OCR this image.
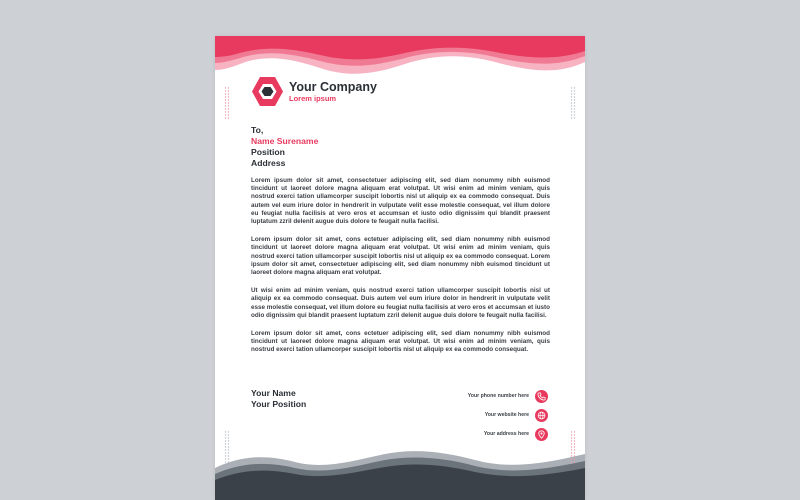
Your Company
Lorem ipsum
To,
Name Surename
Position
Address

Lorem ipsum dolor sit amet, consectetuer adipiscing elit, sed diam nonummy nibh euismod tincidunt ut laoreet dolore magna aliquam erat volutpat. Ut wisi enim ad minim veniam, quis nostrud exerci tation ullamcorper suscipit lobortis nisl ut aliquip ex ea commodo consequat. Duis autem vel eum iriure dolor in hendrerit in vulputate velit esse molestie consequat, vel illum dolore eu feugiat nulla facilisis at vero eros et accumsan et iusto odio dignissim qui blandit praesent luptatum zzril delenit augue duis dolore te feugait nulla facilisi.

Lorem ipsum dolor sit amet, cons ectetuer adipiscing elit, sed diam nonummy nibh euismod tincidunt ut laoreet dolore magna aliquam erat volutpat. Ut wisi enim ad minim veniam, quis nostrud exerci tation ullamcorper suscipit lobortis nisl ut aliquip ex ea commodo consequat. Lorem ipsum dolor sit amet, consectetuer adipiscing elit, sed diam nonummy nibh euismod tincidunt ut laoreet dolore magna aliquam erat volutpat.

Ut wisi enim ad minim veniam, quis nostrud exerci tation ullamcorper suscipit lobortis nisl ut aliquip ex ea commodo consequat. Duis autem vel eum iriure dolor in hendrerit in vulputate velit esse molestie consequat, vel illum dolore eu feugiat nulla facilisis at vero eros et accumsan et iusto odio dignissim qui blandit praesent luptatum zzril delenit augue duis dolore te feugait nulla facilisi.

Lorem ipsum dolor sit amet, cons ectetuer adipiscing elit, sed diam nonummy nibh euismod tincidunt ut laoreet dolore magna aliquam erat volutpat. Ut wisi enim ad minim veniam, quis nostrud exerci tation ullamcorper suscipit lobortis nisl ut aliquip ex ea commodo consequat.

Your Name
Your Position
Your phone number here
Your website here
Your address here
